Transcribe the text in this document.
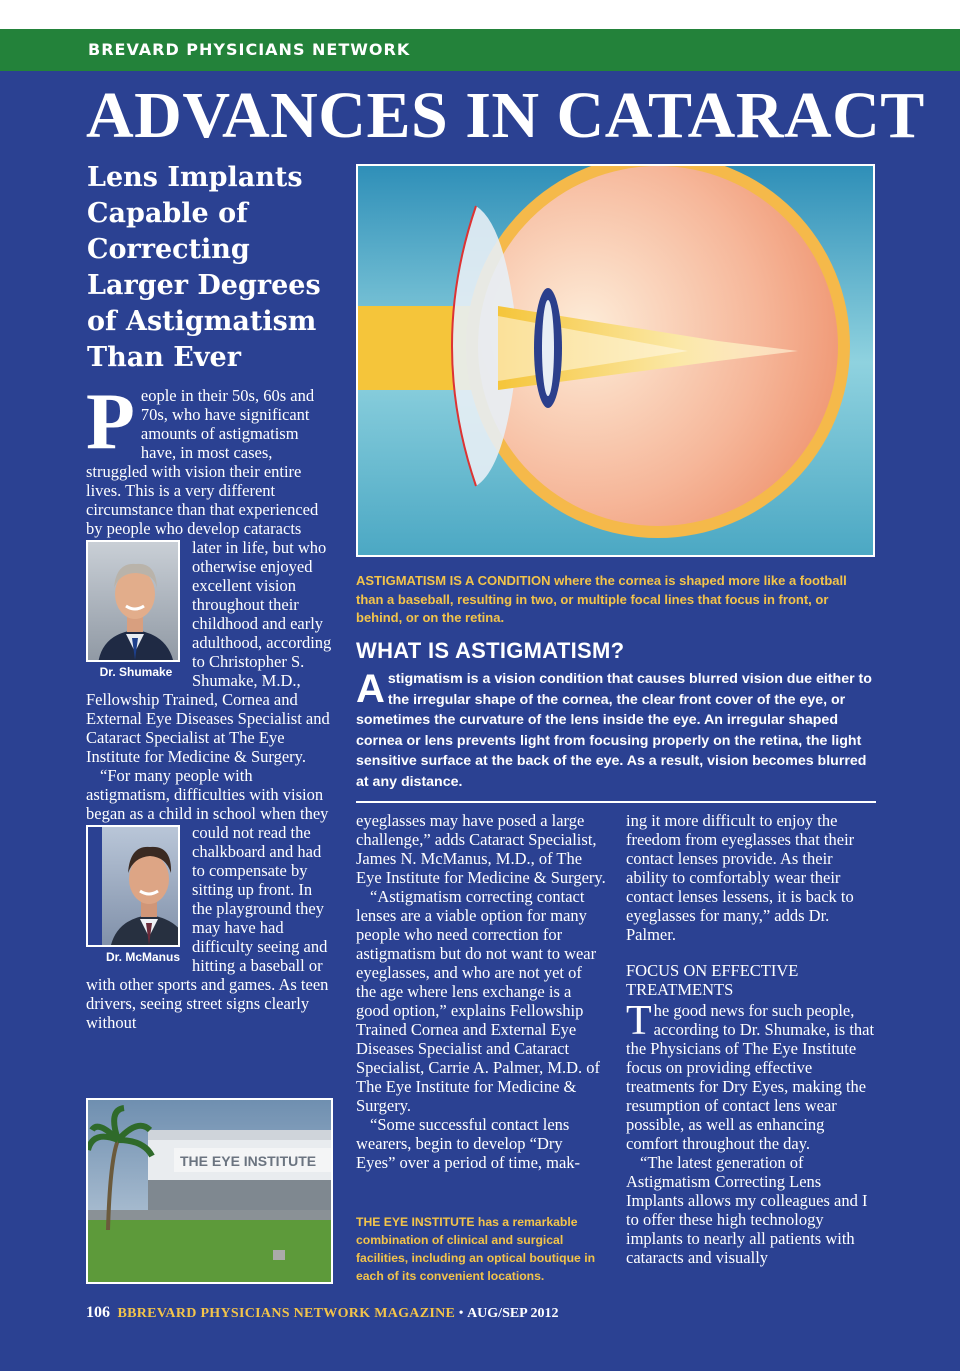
BREVARD PHYSICIANS NETWORK
ADVANCES IN CATARACT
Lens Implants Capable of Correcting Larger Degrees of Astigmatism Than Ever

People in their 50s, 60s and 70s, who have significant amounts of astigmatism have, in most cases, struggled with vision their entire lives. This is a very different circumstance than that experienced by people who develop cataracts later in life,
Dr. Shumake
but who otherwise enjoyed excellent vision throughout their childhood and early adulthood, according to Christopher S. Shumake, M.D., Fellowship Trained, Cornea and External Eye Diseases Specialist and Cataract Specialist at The Eye Institute for Medicine & Surgery.

“For many people with astigmatism, difficulties with vision began as a child in school when
Dr. McManus
they could not read the chalkboard and had to compensate by sitting up front. In the playground they may have had difficulty seeing and hitting a baseball or with other sports and games. As teen drivers, seeing street signs clearly without

ASTIGMATISM IS A CONDITION where the cornea is shaped more like a football than a baseball, resulting in two, or multiple focal lines that focus in front, or behind, or on the retina.
WHAT IS ASTIGMATISM?
Astigmatism is a vision condition that causes blurred vision due either to the irregular shape of the cornea, the clear front cover of the eye, or sometimes the curvature of the lens inside the eye. An irregular shaped cornea or lens prevents light from focusing properly on the retina, the light sensitive surface at the back of the eye. As a result, vision becomes blurred at any distance.

eyeglasses may have posed a large challenge,” adds Cataract Specialist, James N. McManus, M.D., of The Eye Institute for Medicine & Surgery.

“Astigmatism correcting contact lenses are a viable option for many people who need correction for astigmatism but do not want to wear eyeglasses, and who are not yet of the age where lens exchange is a good option,” explains Fellowship Trained Cornea and External Eye Diseases Specialist and Cataract Specialist, Carrie A. Palmer, M.D. of The Eye Institute for Medicine & Surgery.

“Some successful contact lens wearers, begin to develop “Dry Eyes” over a period of time, mak-

THE EYE INSTITUTE has a remarkable combination of clinical and surgical facilities, including an optical boutique in each of its convenient locations.

ing it more difficult to enjoy the freedom from eyeglasses that their contact lenses provide. As their ability to comfortably wear their contact lenses lessens, it is back to eyeglasses for many,” adds Dr. Palmer.

FOCUS ON EFFECTIVE TREATMENTS

The good news for such people, according to Dr. Shumake, is that the Physicians of The Eye Institute focus on providing effective treatments for Dry Eyes, making the resumption of contact lens wear possible, as well as enhancing comfort throughout the day.

“The latest generation of Astigmatism Correcting Lens Implants allows my colleagues and I to offer these high technology implants to nearly all patients with cataracts and visually

THE EYE INSTITUTE
106 BBREVARD PHYSICIANS NETWORK MAGAZINE • AUG/SEP 2012
